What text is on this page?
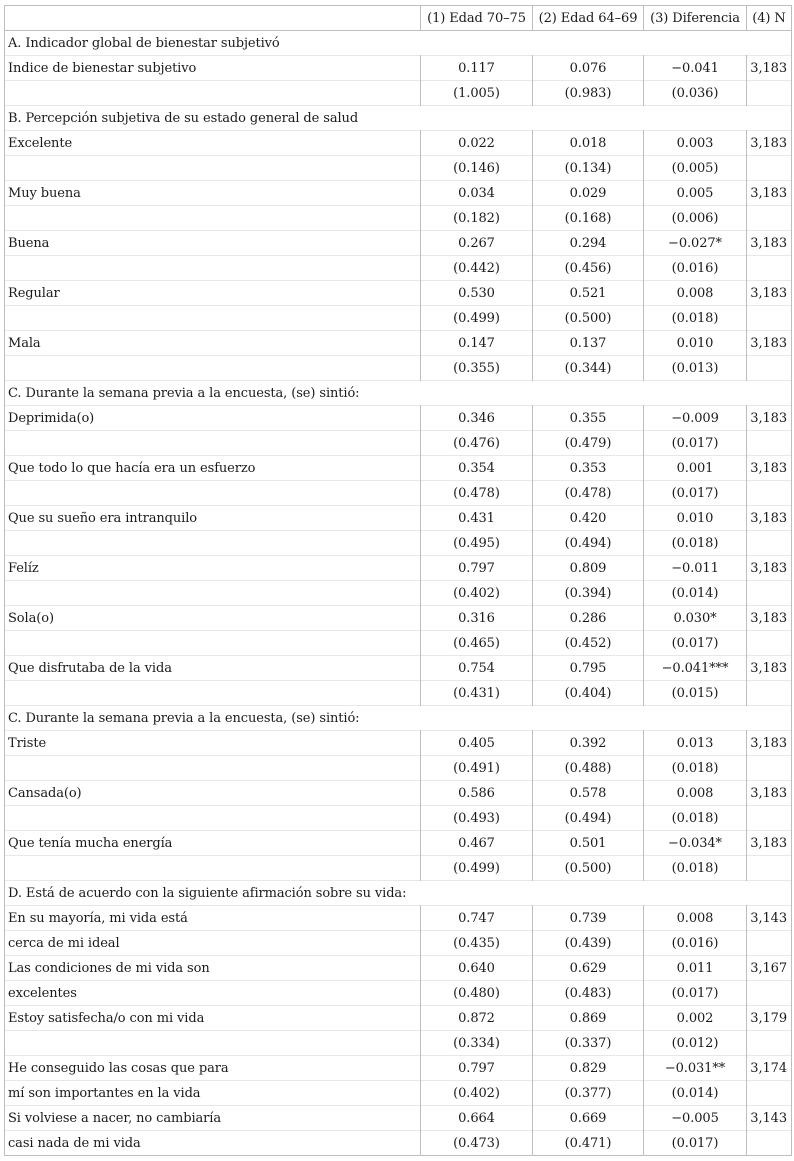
	(1) Edad 70–75	(2) Edad 64–69	(3) Diferencia	(4) N
A. Indicador global de bienestar subjetivó				
Indice de bienestar subjetivo	0.117	0.076	−0.041	3,183
	(1.005)	(0.983)	(0.036)	
B. Percepción subjetiva de su estado general de salud				
Excelente	0.022	0.018	0.003	3,183
	(0.146)	(0.134)	(0.005)	
Muy buena	0.034	0.029	0.005	3,183
	(0.182)	(0.168)	(0.006)	
Buena	0.267	0.294	−0.027*	3,183
	(0.442)	(0.456)	(0.016)	
Regular	0.530	0.521	0.008	3,183
	(0.499)	(0.500)	(0.018)	
Mala	0.147	0.137	0.010	3,183
	(0.355)	(0.344)	(0.013)	
C. Durante la semana previa a la encuesta, (se) sintió:				
Deprimida(o)	0.346	0.355	−0.009	3,183
	(0.476)	(0.479)	(0.017)	
Que todo lo que hacía era un esfuerzo	0.354	0.353	0.001	3,183
	(0.478)	(0.478)	(0.017)	
Que su sueño era intranquilo	0.431	0.420	0.010	3,183
	(0.495)	(0.494)	(0.018)	
Felíz	0.797	0.809	−0.011	3,183
	(0.402)	(0.394)	(0.014)	
Sola(o)	0.316	0.286	0.030*	3,183
	(0.465)	(0.452)	(0.017)	
Que disfrutaba de la vida	0.754	0.795	−0.041***	3,183
	(0.431)	(0.404)	(0.015)	
C. Durante la semana previa a la encuesta, (se) sintió:				
Triste	0.405	0.392	0.013	3,183
	(0.491)	(0.488)	(0.018)	
Cansada(o)	0.586	0.578	0.008	3,183
	(0.493)	(0.494)	(0.018)	
Que tenía mucha energía	0.467	0.501	−0.034*	3,183
	(0.499)	(0.500)	(0.018)	
D. Está de acuerdo con la siguiente afirmación sobre su vida:				
En su mayoría, mi vida está	0.747	0.739	0.008	3,143
cerca de mi ideal	(0.435)	(0.439)	(0.016)	
Las condiciones de mi vida son	0.640	0.629	0.011	3,167
excelentes	(0.480)	(0.483)	(0.017)	
Estoy satisfecha/o con mi vida	0.872	0.869	0.002	3,179
	(0.334)	(0.337)	(0.012)	
He conseguido las cosas que para	0.797	0.829	−0.031**	3,174
mí son importantes en la vida	(0.402)	(0.377)	(0.014)	
Si volviese a nacer, no cambiaría	0.664	0.669	−0.005	3,143
casi nada de mi vida	(0.473)	(0.471)	(0.017)	
